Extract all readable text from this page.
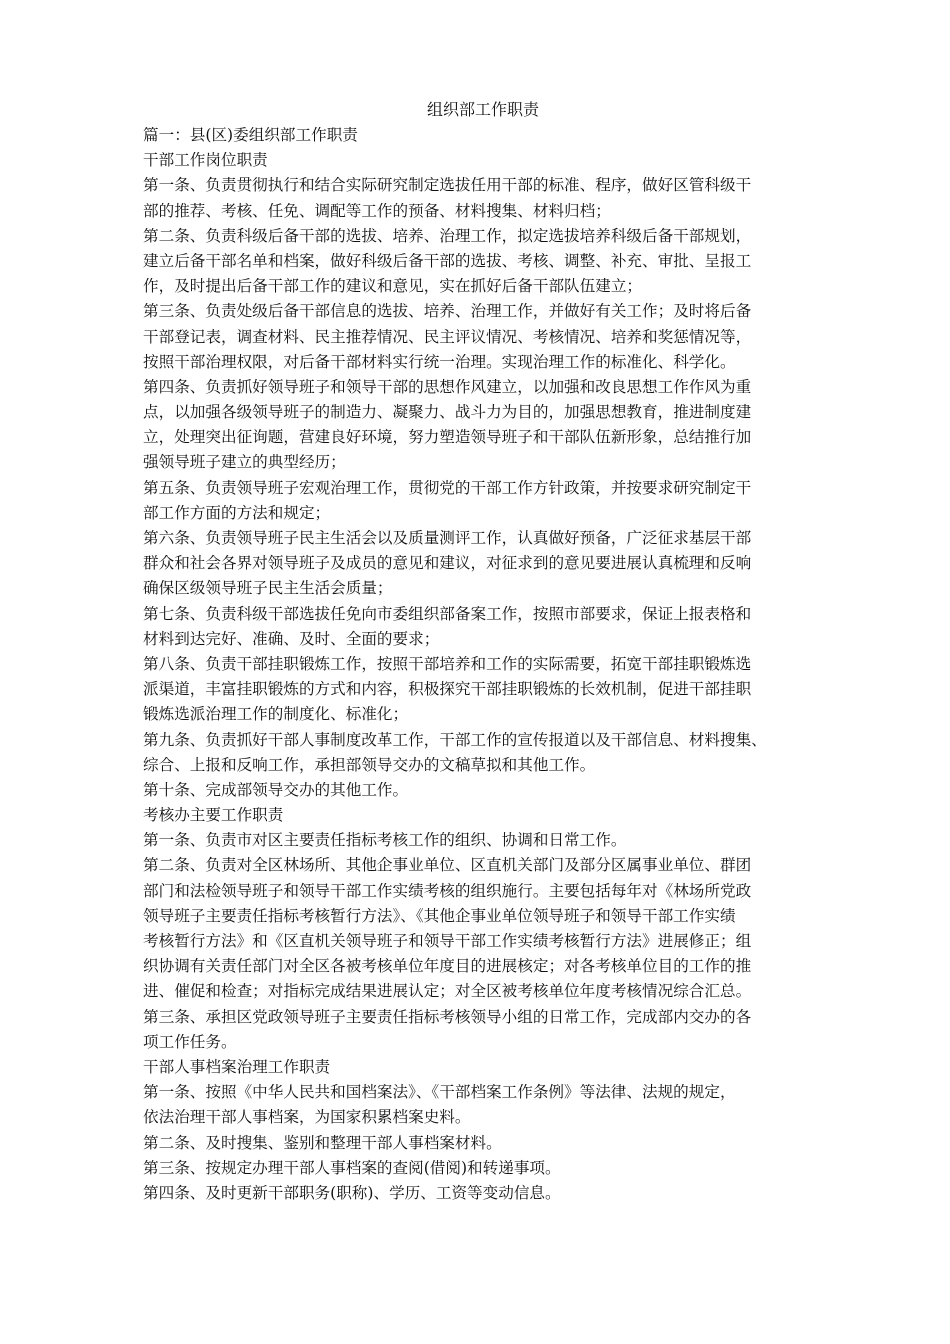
组织部工作职责
篇一：县(区)委组织部工作职责
干部工作岗位职责
第一条、负责贯彻执行和结合实际研究制定选拔任用干部的标准、程序，做好区管科级干
部的推荐、考核、任免、调配等工作的预备、材料搜集、材料归档；
第二条、负责科级后备干部的选拔、培养、治理工作，拟定选拔培养科级后备干部规划，
建立后备干部名单和档案，做好科级后备干部的选拔、考核、调整、补充、审批、呈报工
作，及时提出后备干部工作的建议和意见，实在抓好后备干部队伍建立；
第三条、负责处级后备干部信息的选拔、培养、治理工作，并做好有关工作；及时将后备
干部登记表，调查材料、民主推荐情况、民主评议情况、考核情况、培养和奖惩情况等，
按照干部治理权限，对后备干部材料实行统一治理。实现治理工作的标准化、科学化。
第四条、负责抓好领导班子和领导干部的思想作风建立，以加强和改良思想工作作风为重
点，以加强各级领导班子的制造力、凝聚力、战斗力为目的，加强思想教育，推进制度建
立，处理突出征询题，营建良好环境，努力塑造领导班子和干部队伍新形象，总结推行加
强领导班子建立的典型经历；
第五条、负责领导班子宏观治理工作，贯彻党的干部工作方针政策，并按要求研究制定干
部工作方面的方法和规定；
第六条、负责领导班子民主生活会以及质量测评工作，认真做好预备，广泛征求基层干部
群众和社会各界对领导班子及成员的意见和建议，对征求到的意见要进展认真梳理和反响
确保区级领导班子民主生活会质量；
第七条、负责科级干部选拔任免向市委组织部备案工作，按照市部要求，保证上报表格和
材料到达完好、准确、及时、全面的要求；
第八条、负责干部挂职锻炼工作，按照干部培养和工作的实际需要，拓宽干部挂职锻炼选
派渠道，丰富挂职锻炼的方式和内容，积极探究干部挂职锻炼的长效机制，促进干部挂职
锻炼选派治理工作的制度化、标准化；
第九条、负责抓好干部人事制度改革工作，干部工作的宣传报道以及干部信息、材料搜集、
综合、上报和反响工作，承担部领导交办的文稿草拟和其他工作。
第十条、完成部领导交办的其他工作。
考核办主要工作职责
第一条、负责市对区主要责任指标考核工作的组织、协调和日常工作。
第二条、负责对全区林场所、其他企事业单位、区直机关部门及部分区属事业单位、群团
部门和法检领导班子和领导干部工作实绩考核的组织施行。主要包括每年对《林场所党政
领导班子主要责任指标考核暂行方法》、《其他企事业单位领导班子和领导干部工作实绩
考核暂行方法》和《区直机关领导班子和领导干部工作实绩考核暂行方法》进展修正；组
织协调有关责任部门对全区各被考核单位年度目的进展核定；对各考核单位目的工作的推
进、催促和检查；对指标完成结果进展认定；对全区被考核单位年度考核情况综合汇总。
第三条、承担区党政领导班子主要责任指标考核领导小组的日常工作，完成部内交办的各
项工作任务。
干部人事档案治理工作职责
第一条、按照《中华人民共和国档案法》、《干部档案工作条例》等法律、法规的规定，
依法治理干部人事档案，为国家积累档案史料。
第二条、及时搜集、鉴别和整理干部人事档案材料。
第三条、按规定办理干部人事档案的查阅(借阅)和转递事项。
第四条、及时更新干部职务(职称)、学历、工资等变动信息。
